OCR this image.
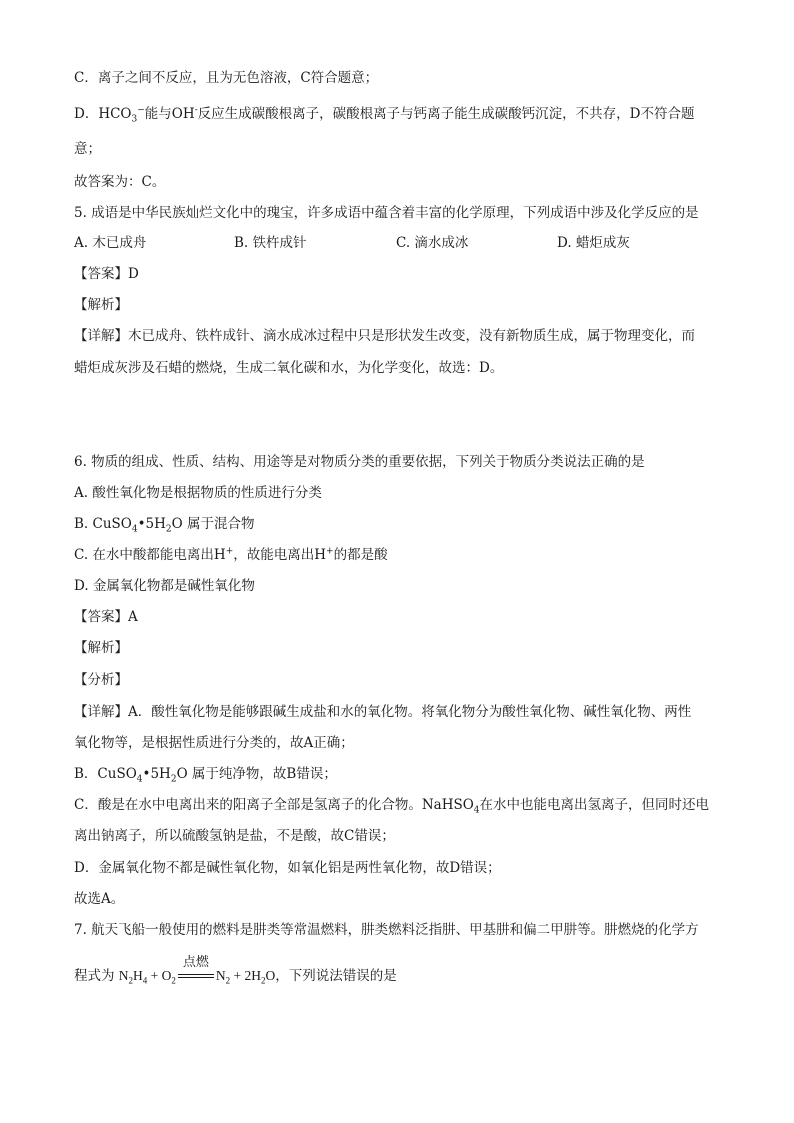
C．离子之间不反应，且为无色溶液，C符合题意；
D．$HCO_3^-$能与OH-反应生成碳酸根离子，碳酸根离子与钙离子能生成碳酸钙沉淀，不共存，D不符合题
意；
故答案为：C。
5. 成语是中华民族灿烂文化中的瑰宝，许多成语中蕴含着丰富的化学原理，下列成语中涉及化学反应的是
A. 木已成舟	B. 铁杵成针	C. 滴水成冰	D. 蜡炬成灰
【答案】D
【解析】
【详解】木已成舟、铁杵成针、滴水成冰过程中只是形状发生改变，没有新物质生成，属于物理变化，而
蜡炬成灰涉及石蜡的燃烧，生成二氧化碳和水，为化学变化，故选：D。
6. 物质的组成、性质、结构、用途等是对物质分类的重要依据，下列关于物质分类说法正确的是
A. 酸性氧化物是根据物质的性质进行分类
B. $CuSO_4•5H_2O$ 属于混合物
C. 在水中酸都能电离出H+，故能电离出H+的都是酸
D. 金属氧化物都是碱性氧化物
【答案】A
【解析】
【分析】
【详解】A．酸性氧化物是能够跟碱生成盐和水的氧化物。将氧化物分为酸性氧化物、碱性氧化物、两性
氧化物等，是根据性质进行分类的，故A正确；
B．$CuSO_4•5H_2O$ 属于纯净物，故B错误；
C．酸是在水中电离出来的阳离子全部是氢离子的化合物。NaHSO$_4$在水中也能电离出氢离子，但同时还电
离出钠离子，所以硫酸氢钠是盐，不是酸，故C错误；
D．金属氧化物不都是碱性氧化物，如氧化铝是两性氧化物，故D错误；
故选A。
7. 航天飞船一般使用的燃料是肼类等常温燃料，肼类燃料泛指肼、甲基肼和偏二甲肼等。肼燃烧的化学方
程式为 $N_2H_4 + O_2$
点燃
$N_2 + 2H_2O$，下列说法错误的是
